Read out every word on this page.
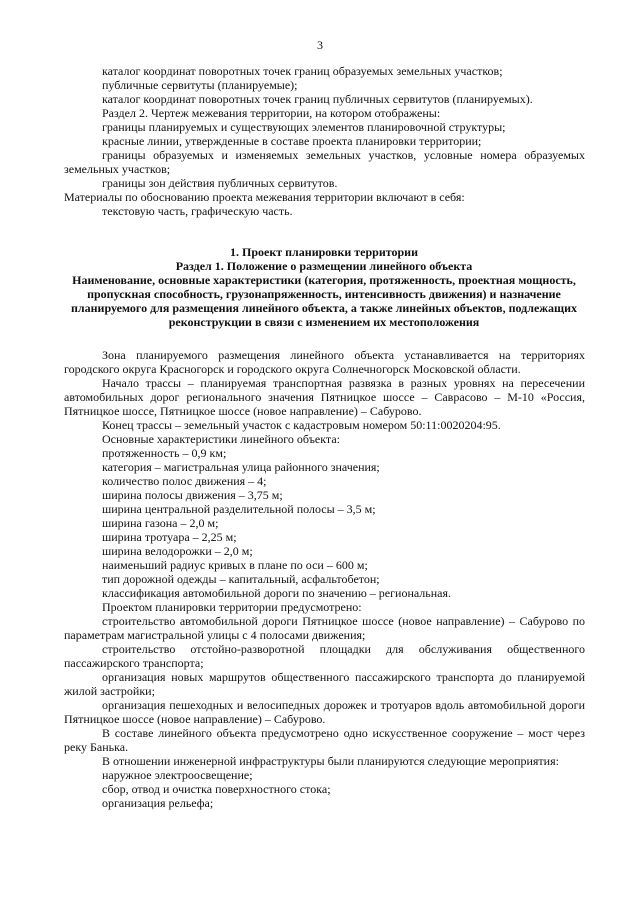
3

каталог координат поворотных точек границ образуемых земельных участков;

публичные сервитуты (планируемые);

каталог координат поворотных точек границ публичных сервитутов (планируемых).

Раздел 2. Чертеж межевания территории, на котором отображены:

границы планируемых и существующих элементов планировочной структуры;

красные линии, утвержденные в составе проекта планировки территории;

границы образуемых и изменяемых земельных участков, условные номера образуемых земельных участков;

границы зон действия публичных сервитутов.

Материалы по обоснованию проекта межевания территории включают в себя:

текстовую часть, графическую часть.

1. Проект планировки территории
Раздел 1. Положение о размещении линейного объекта
Наименование, основные характеристики (категория, протяженность, проектная мощность, пропускная способность, грузонапряженность, интенсивность движения) и назначение планируемого для размещения линейного объекта, а также линейных объектов, подлежащих реконструкции в связи с изменением их местоположения

Зона планируемого размещения линейного объекта устанавливается на территориях городского округа Красногорск и городского округа Солнечногорск Московской области.

Начало трассы – планируемая транспортная развязка в разных уровнях на пересечении автомобильных дорог регионального значения Пятницкое шоссе – Савраcово – М-10 «Россия, Пятницкое шоссе, Пятницкое шоссе (новое направление) – Сабурово.

Конец трассы – земельный участок с кадастровым номером 50:11:0020204:95.

Основные характеристики линейного объекта:

протяженность – 0,9 км;

категория – магистральная улица районного значения;

количество полос движения – 4;

ширина полосы движения – 3,75 м;

ширина центральной разделительной полосы – 3,5 м;

ширина газона – 2,0 м;

ширина тротуара – 2,25 м;

ширина велодорожки – 2,0 м;

наименьший радиус кривых в плане по оси – 600 м;

тип дорожной одежды – капитальный, асфальтобетон;

классификация автомобильной дороги по значению – региональная.

Проектом планировки территории предусмотрено:

строительство автомобильной дороги Пятницкое шоссе (новое направление) – Сабурово по параметрам магистральной улицы с 4 полосами движения;

строительство отстойно-разворотной площадки для обслуживания общественного пассажирского транспорта;

организация новых маршрутов общественного пассажирского транспорта до планируемой жилой застройки;

организация пешеходных и велосипедных дорожек и тротуаров вдоль автомобильной дороги Пятницкое шоссе (новое направление) – Сабурово.

В составе линейного объекта предусмотрено одно искусственное сооружение – мост через реку Банька.

В отношении инженерной инфраструктуры были планируются следующие мероприятия:

наружное электроосвещение;

сбор, отвод и очистка поверхностного стока;

организация рельефа;
